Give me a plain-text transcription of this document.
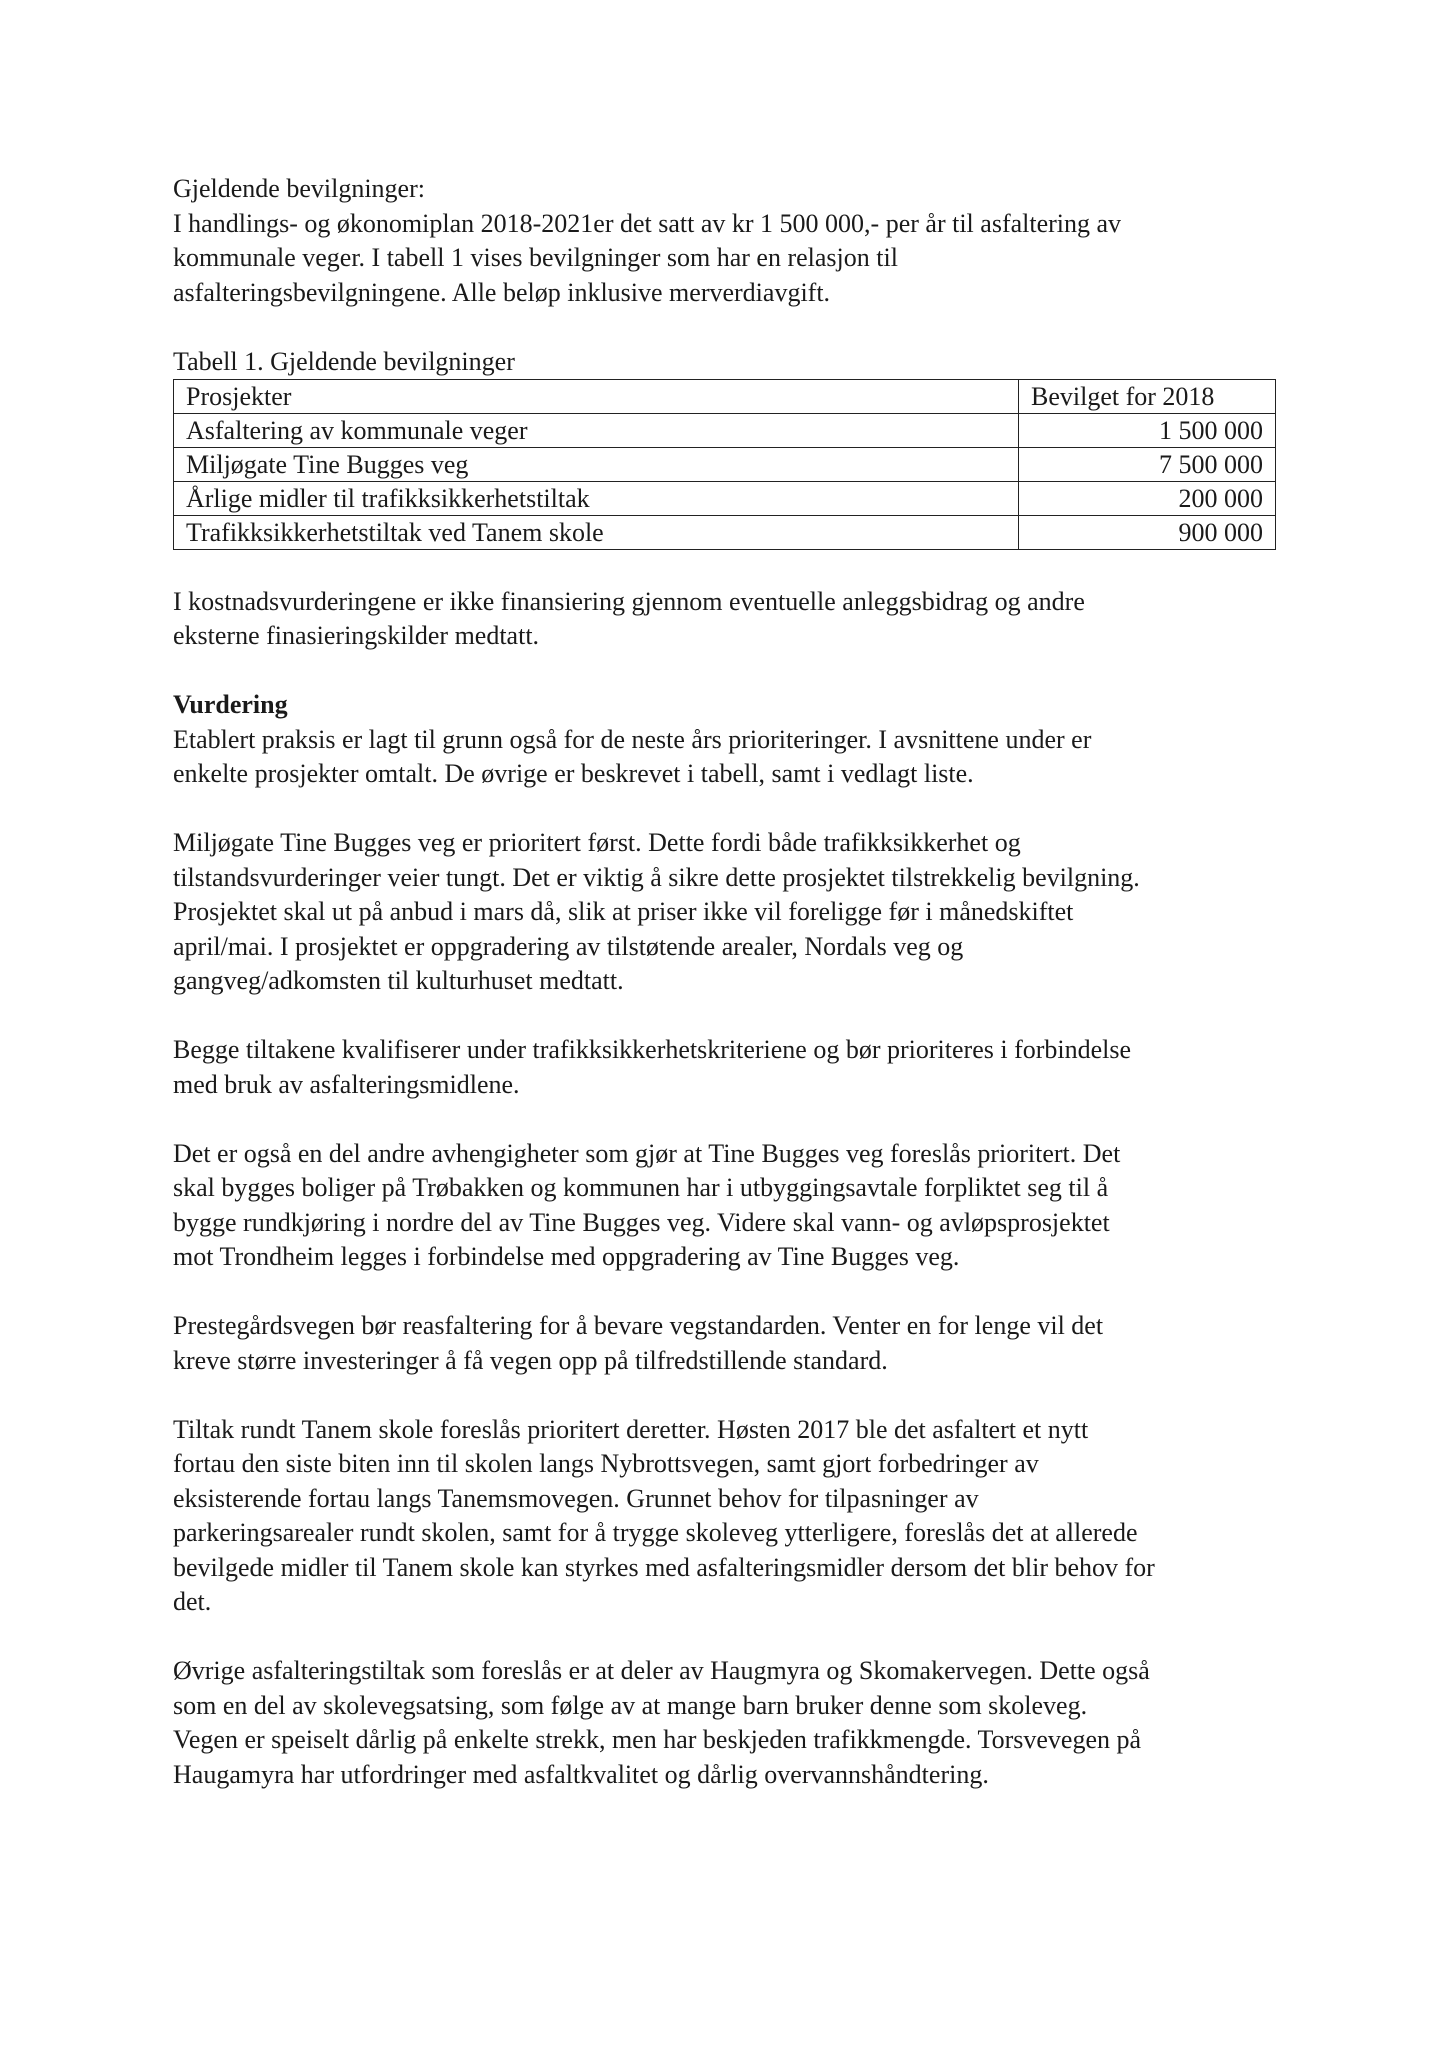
Gjeldende bevilgninger:
I handlings- og økonomiplan 2018-2021er det satt av kr 1 500 000,- per år til asfaltering av
kommunale veger. I tabell 1 vises bevilgninger som har en relasjon til
asfalteringsbevilgningene. Alle beløp inklusive merverdiavgift.
Tabell 1. Gjeldende bevilgninger
Prosjekter	Bevilget for 2018
Asfaltering av kommunale veger	1 500 000
Miljøgate Tine Bugges veg	7 500 000
Årlige midler til trafikksikkerhetstiltak	200 000
Trafikksikkerhetstiltak ved Tanem skole	900 000
I kostnadsvurderingene er ikke finansiering gjennom eventuelle anleggsbidrag og andre
eksterne finasieringskilder medtatt.
Vurdering
Etablert praksis er lagt til grunn også for de neste års prioriteringer. I avsnittene under er
enkelte prosjekter omtalt. De øvrige er beskrevet i tabell, samt i vedlagt liste.
Miljøgate Tine Bugges veg er prioritert først. Dette fordi både trafikksikkerhet og
tilstandsvurderinger veier tungt. Det er viktig å sikre dette prosjektet tilstrekkelig bevilgning.
Prosjektet skal ut på anbud i mars då, slik at priser ikke vil foreligge før i månedskiftet
april/mai. I prosjektet er oppgradering av tilstøtende arealer, Nordals veg og
gangveg/adkomsten til kulturhuset medtatt.
Begge tiltakene kvalifiserer under trafikksikkerhetskriteriene og bør prioriteres i forbindelse
med bruk av asfalteringsmidlene.
Det er også en del andre avhengigheter som gjør at Tine Bugges veg foreslås prioritert. Det
skal bygges boliger på Trøbakken og kommunen har i utbyggingsavtale forpliktet seg til å
bygge rundkjøring i nordre del av Tine Bugges veg. Videre skal vann- og avløpsprosjektet
mot Trondheim legges i forbindelse med oppgradering av Tine Bugges veg.
Prestegårdsvegen bør reasfaltering for å bevare vegstandarden. Venter en for lenge vil det
kreve større investeringer å få vegen opp på tilfredstillende standard.
Tiltak rundt Tanem skole foreslås prioritert deretter. Høsten 2017 ble det asfaltert et nytt
fortau den siste biten inn til skolen langs Nybrottsvegen, samt gjort forbedringer av
eksisterende fortau langs Tanemsmovegen. Grunnet behov for tilpasninger av
parkeringsarealer rundt skolen, samt for å trygge skoleveg ytterligere, foreslås det at allerede
bevilgede midler til Tanem skole kan styrkes med asfalteringsmidler dersom det blir behov for
det.
Øvrige asfalteringstiltak som foreslås er at deler av Haugmyra og Skomakervegen. Dette også
som en del av skolevegsatsing, som følge av at mange barn bruker denne som skoleveg.
Vegen er speiselt dårlig på enkelte strekk, men har beskjeden trafikkmengde. Torsvevegen på
Haugamyra har utfordringer med asfaltkvalitet og dårlig overvannshåndtering.
